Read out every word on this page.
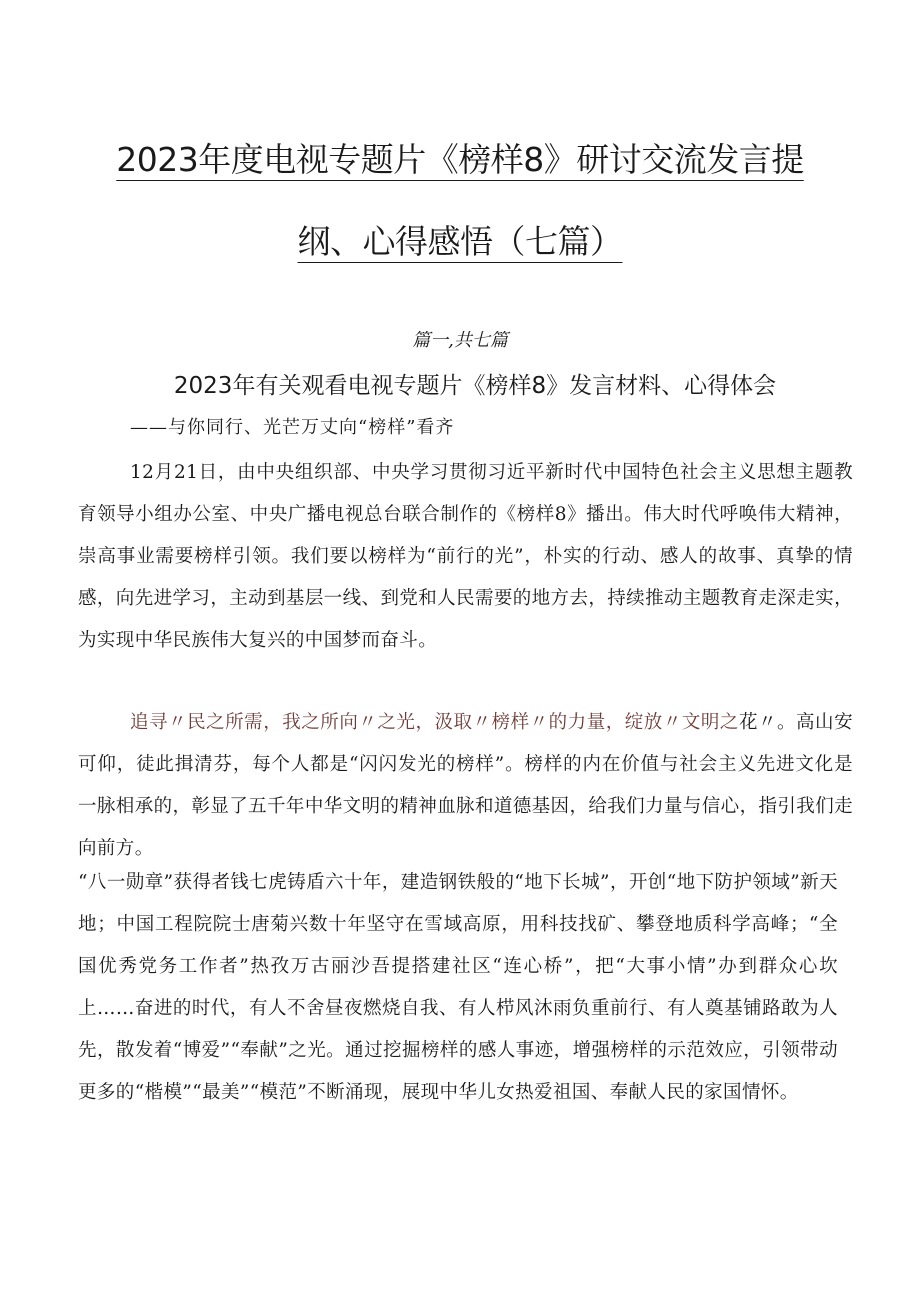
2023年度电视专题片《榜样8》研讨交流发言提
纲、心得感悟（七篇）
篇一,共七篇
2023年有关观看电视专题片《榜样8》发言材料、心得体会
——与你同行、光芒万丈向“榜样”看齐

12月21日，由中央组织部、中央学习贯彻习近平新时代中国特色社会主义思想主题教育领导小组办公室、中央广播电视总台联合制作的《榜样8》播出。伟大时代呼唤伟大精神，崇高事业需要榜样引领。我们要以榜样为“前行的光”，朴实的行动、感人的故事、真挚的情感，向先进学习，主动到基层一线、到党和人民需要的地方去，持续推动主题教育走深走实，为实现中华民族伟大复兴的中国梦而奋斗。

追寻〃民之所需，我之所向〃之光，汲取〃榜样〃的力量，绽放〃文明之花〃。高山安可仰，徒此揖清芬，每个人都是“闪闪发光的榜样”。榜样的内在价值与社会主义先进文化是一脉相承的，彰显了五千年中华文明的精神血脉和道德基因，给我们力量与信心，指引我们走向前方。

“八一勋章”获得者钱七虎铸盾六十年，建造钢铁般的“地下长城”，开创“地下防护领域”新天地；中国工程院院士唐菊兴数十年坚守在雪域高原，用科技找矿、攀登地质科学高峰；“全国优秀党务工作者”热孜万古丽沙吾提搭建社区“连心桥”，把“大事小情”办到群众心坎上……奋进的时代，有人不舍昼夜燃烧自我、有人栉风沐雨负重前行、有人奠基铺路敢为人先，散发着“博爱”“奉献”之光。通过挖掘榜样的感人事迹，增强榜样的示范效应，引领带动更多的“楷模”“最美”“模范”不断涌现，展现中华儿女热爱祖国、奉献人民的家国情怀。
